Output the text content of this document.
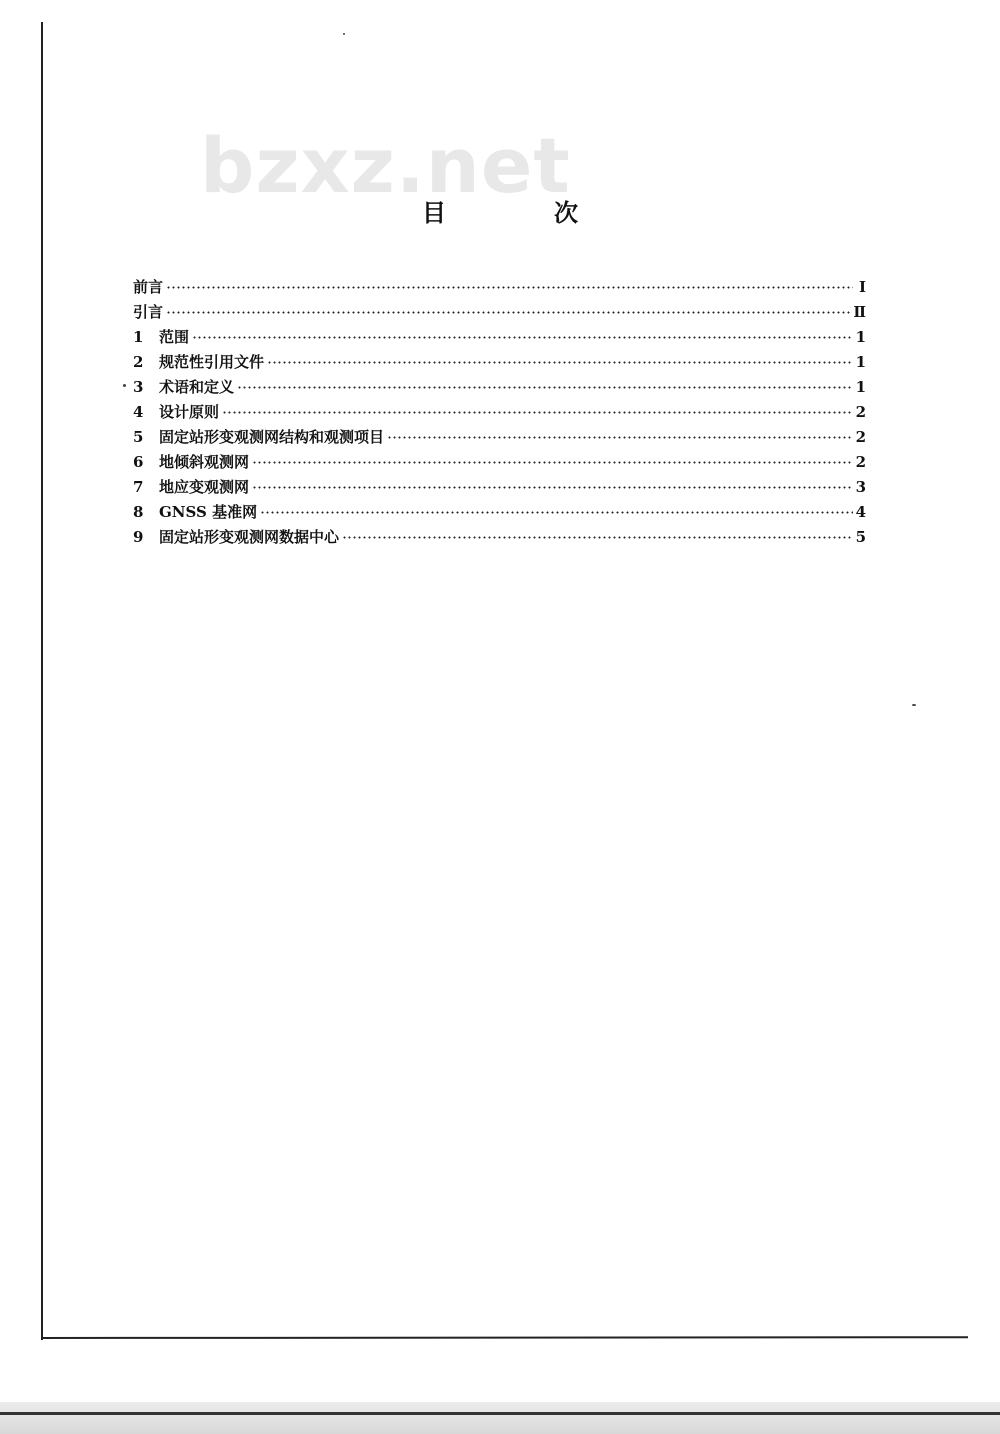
bzxz.net
目　次
前言	Ⅰ
引言	Ⅱ
1	范围	1
2	规范性引用文件	1
3	术语和定义	1
4	设计原则	2
5	固定站形变观测网结构和观测项目	2
6	地倾斜观测网	2
7	地应变观测网	3
8	GNSS 基准网	4
9	固定站形变观测网数据中心	5
